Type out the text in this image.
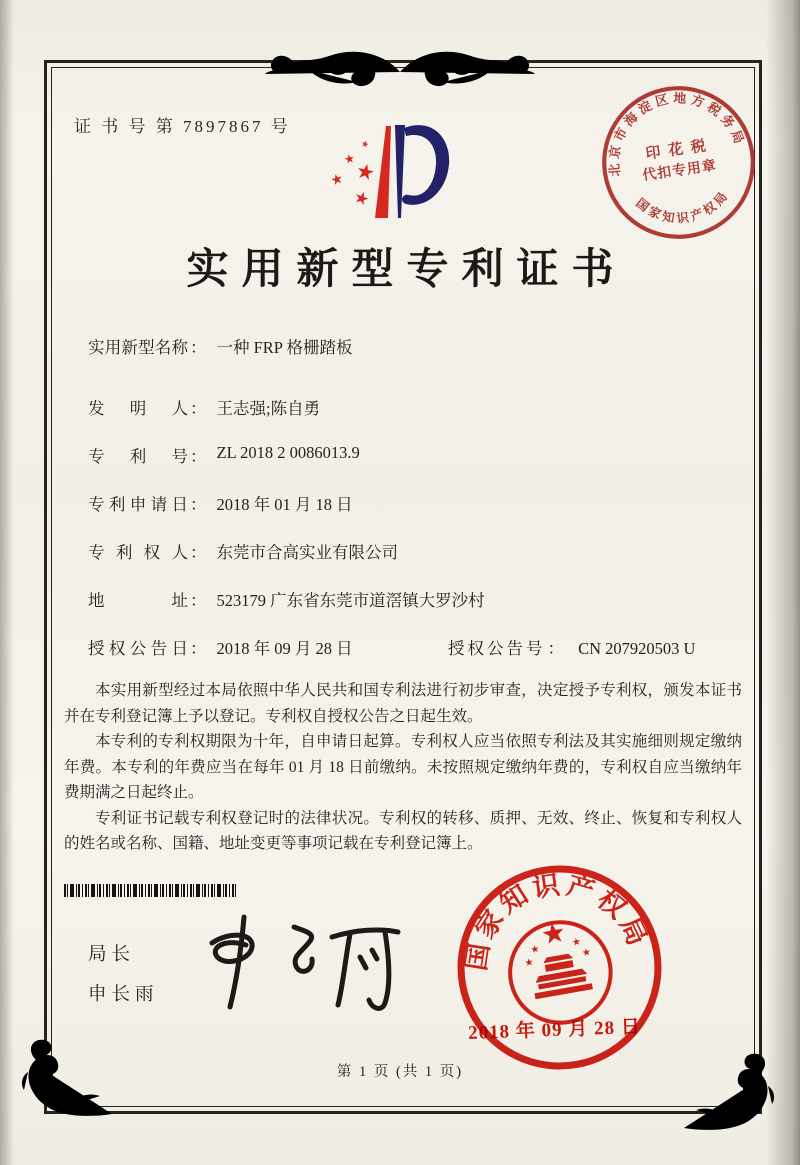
证 书 号 第 7897867 号
★
★
★
★
★
北京市海淀区地方税务局
印 花 税
代扣专用章
国家知识产权局
实用新型专利证书
实用新型名称 ： 一种 FRP 格栅踏板
发明人 ： 王志强;陈自勇
专利号 ： ZL 2018 2 0086013.9
专利申请日 ： 2018 年 01 月 18 日
专利权人 ： 东莞市合高实业有限公司
地址 ： 523179 广东省东莞市道滘镇大罗沙村
授权公告日 ： 2018 年 09 月 28 日	授权公告号 ： CN 207920503 U

本实用新型经过本局依照中华人民共和国专利法进行初步审查，决定授予专利权，颁发本证书并在专利登记簿上予以登记。专利权自授权公告之日起生效。

本专利的专利权期限为十年，自申请日起算。专利权人应当依照专利法及其实施细则规定缴纳年费。本专利的年费应当在每年 01 月 18 日前缴纳。未按照规定缴纳年费的，专利权自应当缴纳年费期满之日起终止。

专利证书记载专利权登记时的法律状况。专利权的转移、质押、无效、终止、恢复和专利权人的姓名或名称、国籍、地址变更等事项记载在专利登记簿上。

局长
申长雨
国家知识产权局
★
★
★
★
2018 年 09 月 28 日
第 1 页 (共 1 页)
